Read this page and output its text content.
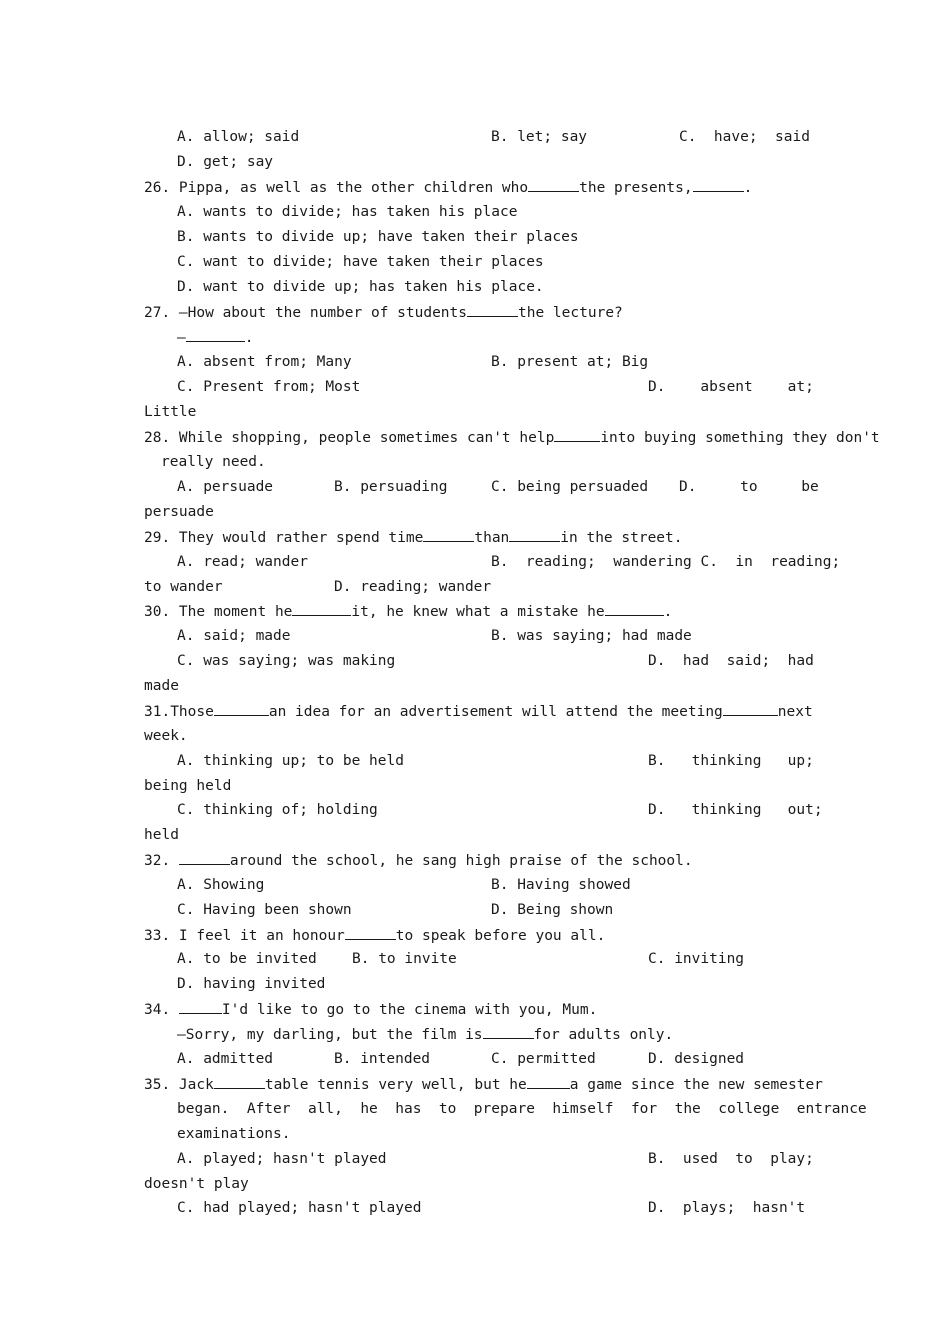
A. allow; said	B. let; say	C.  have;  said
D. get; say
26. Pippa, as well as the other children who	the presents,	.
A. wants to divide; has taken his place
B. wants to divide up; have taken their places
C. want to divide; have taken their places
D. want to divide up; has taken his place.
27. —How about the number of students	the lecture?
—	.
A. absent from; Many	B. present at; Big
C. Present from; Most	D.    absent    at;
Little
28. While shopping, people sometimes can't help	into buying something they don't
really need.
A. persuade	B. persuading	C. being persuaded D.     to     be
persuade
29. They would rather spend time	than	in the street.
A. read; wander	B.  reading;  wandering C.  in  reading;
to wander	D. reading; wander
30. The moment he	it, he knew what a mistake he	.
A. said; made	B. was saying; had made
C. was saying; was making	D.  had  said;  had
made
31.Those	an idea for an advertisement will attend the meeting	next
week.
A. thinking up; to be held	B.   thinking   up;
being held
C. thinking of; holding	D.   thinking   out;
held
32.	around the school, he sang high praise of the school.
A. Showing	B. Having showed
C. Having been shown	D. Being shown
33. I feel it an honour	to speak before you all.
A. to be invited B. to invite	C. inviting
D. having invited
34.	I'd like to go to the cinema with you, Mum.
—Sorry, my darling, but the film is	for adults only.
A. admitted	B. intended	C. permitted	D. designed
35. Jack	table tennis very well, but he	a game since the new semester
began.  After  all,  he  has  to  prepare  himself  for  the  college  entrance
examinations.
A. played; hasn't played	B.  used  to  play;
doesn't play
C. had played; hasn't played	D.  plays;  hasn't
